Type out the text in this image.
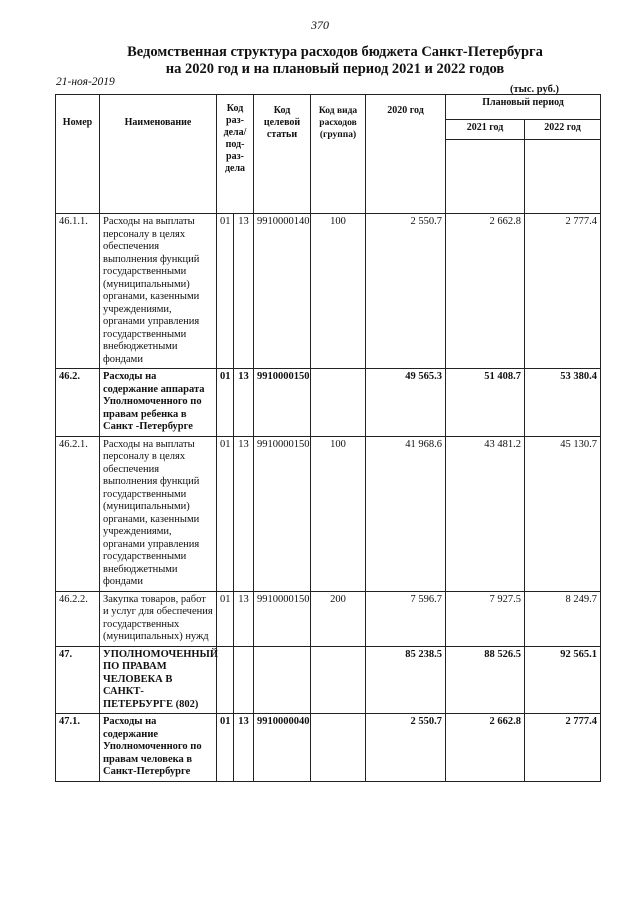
370
Ведомственная структура расходов бюджета Санкт-Петербурга
на 2020 год и на плановый период 2021 и 2022 годов
21-ноя-2019
(тыс. руб.)
Номер	Наименование	Код раз-дела/ под-раз-дела		Код целевой статьи	Код вида расходов (группа)	2020 год	Плановый период	
							2021 год	2022 год

46.1.1.	Расходы на выплаты персоналу в целях обеспечения выполнения функций государственными (муниципальными) органами, казенными учреждениями, органами управления государственными внебюджетными фондами	01	13	9910000140	100	2 550.7	2 662.8	2 777.4
46.2.	Расходы на содержание аппарата Уполномоченного по правам ребенка в Санкт -Петербурге	01	13	9910000150		49 565.3	51 408.7	53 380.4
46.2.1.	Расходы на выплаты персоналу в целях обеспечения выполнения функций государственными (муниципальными) органами, казенными учреждениями, органами управления государственными внебюджетными фондами	01	13	9910000150	100	41 968.6	43 481.2	45 130.7
46.2.2.	Закупка товаров, работ и услуг для обеспечения государственных (муниципальных) нужд	01	13	9910000150	200	7 596.7	7 927.5	8 249.7
47.	УПОЛНОМОЧЕННЫЙ ПО ПРАВАМ ЧЕЛОВЕКА В САНКТ-ПЕТЕРБУРГЕ (802)					85 238.5	88 526.5	92 565.1
47.1.	Расходы на содержание Уполномоченного по правам человека в Санкт-Петербурге	01	13	9910000040		2 550.7	2 662.8	2 777.4
